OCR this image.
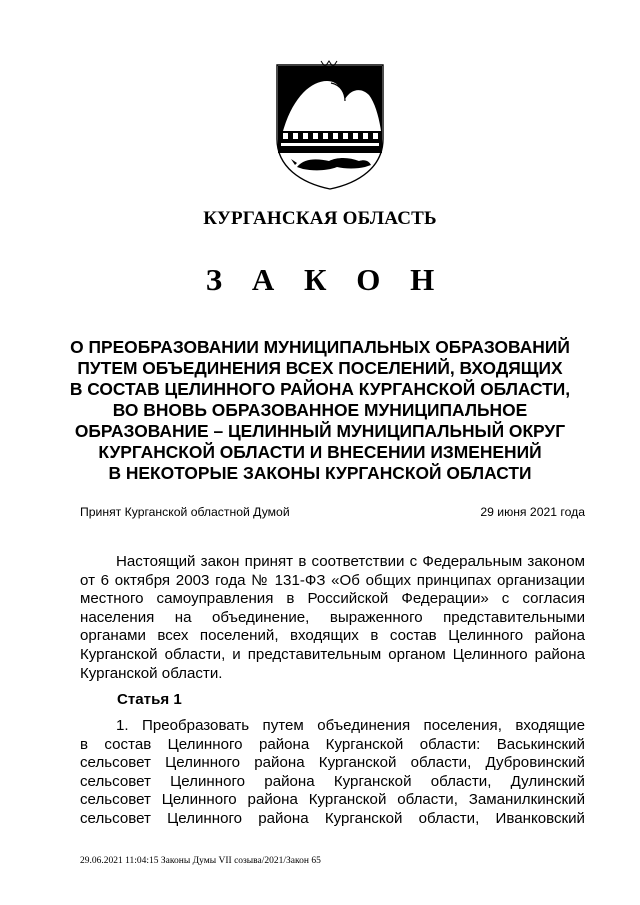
КУРГАНСКАЯ ОБЛАСТЬ
З А К О Н
О ПРЕОБРАЗОВАНИИ МУНИЦИПАЛЬНЫХ ОБРАЗОВАНИЙ
ПУТЕМ ОБЪЕДИНЕНИЯ ВСЕХ ПОСЕЛЕНИЙ, ВХОДЯЩИХ
В СОСТАВ ЦЕЛИННОГО РАЙОНА КУРГАНСКОЙ ОБЛАСТИ,
ВО ВНОВЬ ОБРАЗОВАННОЕ МУНИЦИПАЛЬНОЕ
ОБРАЗОВАНИЕ – ЦЕЛИННЫЙ МУНИЦИПАЛЬНЫЙ ОКРУГ
КУРГАНСКОЙ ОБЛАСТИ И ВНЕСЕНИИ ИЗМЕНЕНИЙ
В НЕКОТОРЫЕ ЗАКОНЫ КУРГАНСКОЙ ОБЛАСТИ
Принят Курганской областной Думой	29 июня 2021 года

Настоящий закон принят в соответствии с Федеральным законом
от 6 октября 2003 года № 131-ФЗ «Об общих принципах организации
местного самоуправления в Российской Федерации» с согласия
населения на объединение, выраженного представительными
органами всех поселений, входящих в состав Целинного района
Курганской области, и представительным органом Целинного района
Курганской области.

Статья 1

1. Преобразовать путем объединения поселения, входящие
в состав Целинного района Курганской области: Васькинский
сельсовет Целинного района Курганской области, Дубровинский
сельсовет Целинного района Курганской области, Дулинский
сельсовет Целинного района Курганской области, Заманилкинский
сельсовет Целинного района Курганской области, Иванковский

29.06.2021 11:04:15 Законы Думы VII созыва/2021/Закон 65
